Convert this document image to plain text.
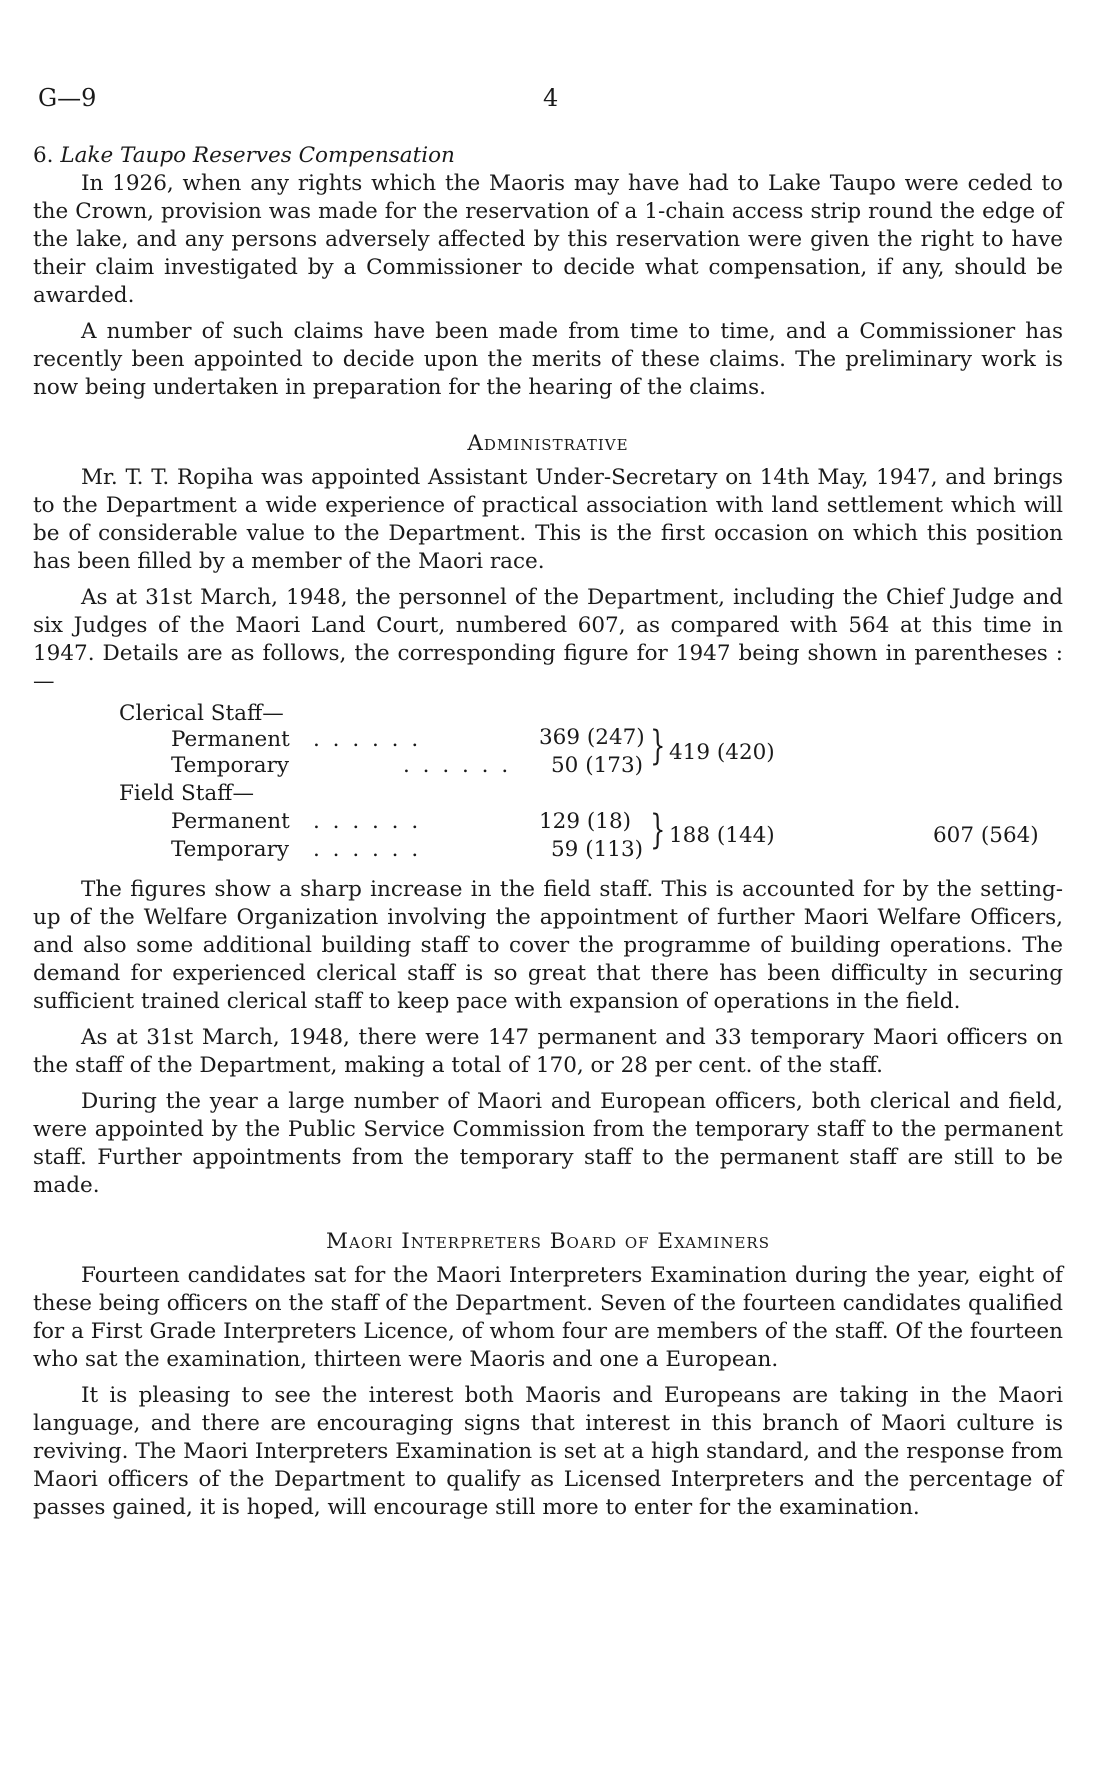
G—9	4
6. Lake Taupo Reserves Compensation

In 1926, when any rights which the Maoris may have had to Lake Taupo were ceded to the Crown, provision was made for the reservation of a 1-chain access strip round the edge of the lake, and any persons adversely affected by this reservation were given the right to have their claim investigated by a Commissioner to decide what compensation, if any, should be awarded.

A number of such claims have been made from time to time, and a Commissioner has recently been appointed to decide upon the merits of these claims. The preliminary work is now being undertaken in preparation for the hearing of the claims.

Administrative

Mr. T. T. Ropiha was appointed Assistant Under-Secretary on 14th May, 1947, and brings to the Department a wide experience of practical association with land settlement which will be of considerable value to the Department. This is the first occasion on which this position has been filled by a member of the Maori race.

As at 31st March, 1948, the personnel of the Department, including the Chief Judge and six Judges of the Maori Land Court, numbered 607, as compared with 564 at this time in 1947. Details are as follows, the corresponding figure for 1947 being shown in parentheses :—

Clerical Staff—
Permanent . . . . . .	369 (247)
Temporary	. . . . . . 50 (173) } 419 (420)
Field Staff—
Permanent . . . . . .	129 (18)
Temporary . . . . . .	59 (113) } 188 (144)	607 (564)

The figures show a sharp increase in the field staff. This is accounted for by the setting-up of the Welfare Organization involving the appointment of further Maori Welfare Officers, and also some additional building staff to cover the programme of building operations. The demand for experienced clerical staff is so great that there has been difficulty in securing sufficient trained clerical staff to keep pace with expansion of operations in the field.

As at 31st March, 1948, there were 147 permanent and 33 temporary Maori officers on the staff of the Department, making a total of 170, or 28 per cent. of the staff.

During the year a large number of Maori and European officers, both clerical and field, were appointed by the Public Service Commission from the temporary staff to the permanent staff. Further appointments from the temporary staff to the permanent staff are still to be made.

Maori Interpreters Board of Examiners

Fourteen candidates sat for the Maori Interpreters Examination during the year, eight of these being officers on the staff of the Department. Seven of the fourteen candidates qualified for a First Grade Interpreters Licence, of whom four are members of the staff. Of the fourteen who sat the examination, thirteen were Maoris and one a European.

It is pleasing to see the interest both Maoris and Europeans are taking in the Maori language, and there are encouraging signs that interest in this branch of Maori culture is reviving. The Maori Interpreters Examination is set at a high standard, and the response from Maori officers of the Department to qualify as Licensed Interpreters and the percentage of passes gained, it is hoped, will encourage still more to enter for the examination.
